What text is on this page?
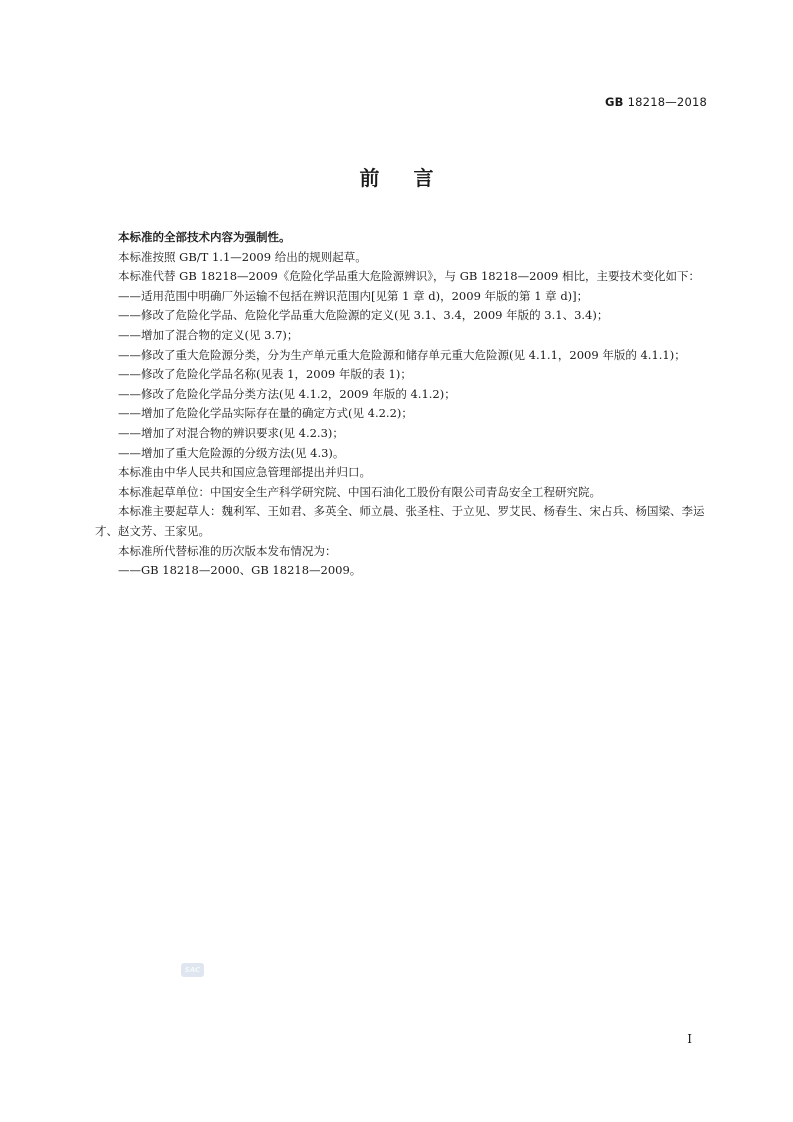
GB 18218—2018
前言

本标准的全部技术内容为强制性。

本标准按照 GB/T 1.1—2009 给出的规则起草。

本标准代替 GB 18218—2009《危险化学品重大危险源辨识》，与 GB 18218—2009 相比，主要技术变化如下：

——适用范围中明确厂外运输不包括在辨识范围内[见第 1 章 d)，2009 年版的第 1 章 d)]；

——修改了危险化学品、危险化学品重大危险源的定义(见 3.1、3.4，2009 年版的 3.1、3.4)；

——增加了混合物的定义(见 3.7)；

——修改了重大危险源分类，分为生产单元重大危险源和储存单元重大危险源(见 4.1.1，2009 年版的 4.1.1)；

——修改了危险化学品名称(见表 1，2009 年版的表 1)；

——修改了危险化学品分类方法(见 4.1.2，2009 年版的 4.1.2)；

——增加了危险化学品实际存在量的确定方式(见 4.2.2)；

——增加了对混合物的辨识要求(见 4.2.3)；

——增加了重大危险源的分级方法(见 4.3)。

本标准由中华人民共和国应急管理部提出并归口。

本标准起草单位：中国安全生产科学研究院、中国石油化工股份有限公司青岛安全工程研究院。

本标准主要起草人：魏利军、王如君、多英全、师立晨、张圣柱、于立见、罗艾民、杨春生、宋占兵、杨国梁、李运才、赵文芳、王家见。

本标准所代替标准的历次版本发布情况为：

——GB 18218—2000、GB 18218—2009。

SAC
I
